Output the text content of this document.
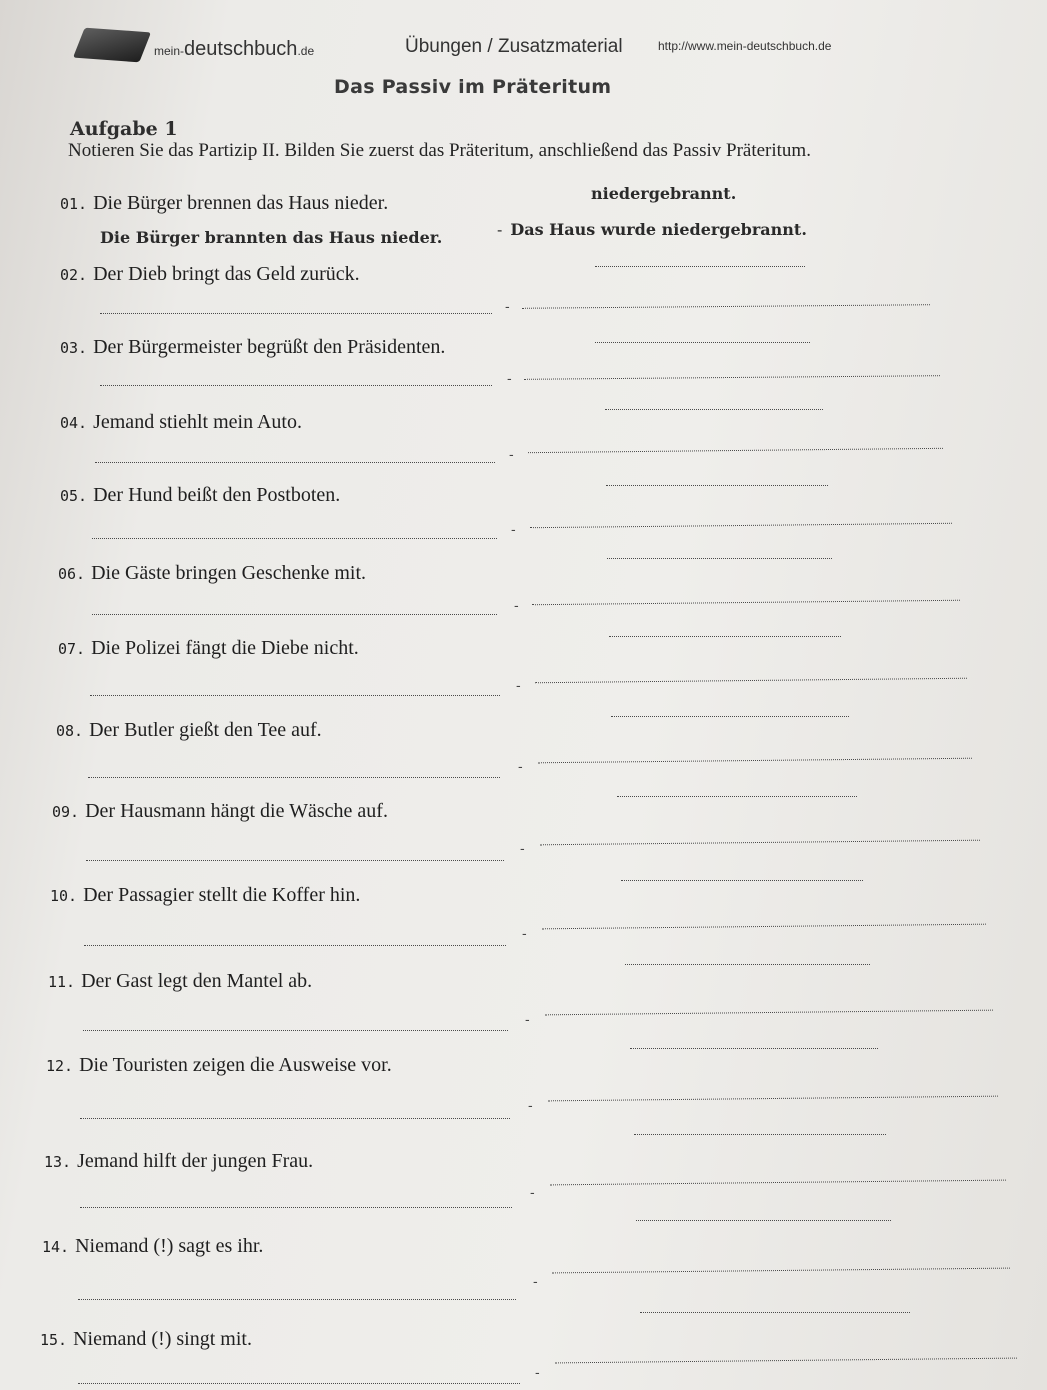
mein-deutschbuch.de	Übungen / Zusatzmaterial	http://www.mein-deutschbuch.de
Das Passiv im Präteritum
Aufgabe 1
Notieren Sie das Partizip II. Bilden Sie zuerst das Präteritum, anschließend das Passiv Präteritum.
01. Die Bürger brennen das Haus nieder.	niedergebrannt.
Die Bürger brannten das Haus nieder.	- Das Haus wurde niedergebrannt.
02. Der Dieb bringt das Geld zurück.
-
03. Der Bürgermeister begrüßt den Präsidenten.
-
04. Jemand stiehlt mein Auto.
-
05. Der Hund beißt den Postboten.
-
06. Die Gäste bringen Geschenke mit.
-
07. Die Polizei fängt die Diebe nicht.
-
08. Der Butler gießt den Tee auf.
-
09. Der Hausmann hängt die Wäsche auf.
-
10. Der Passagier stellt die Koffer hin.
-
11. Der Gast legt den Mantel ab.
-
12. Die Touristen zeigen die Ausweise vor.
-
13. Jemand hilft der jungen Frau.
-
14. Niemand (!) sagt es ihr.
-
15. Niemand (!) singt mit.
-
